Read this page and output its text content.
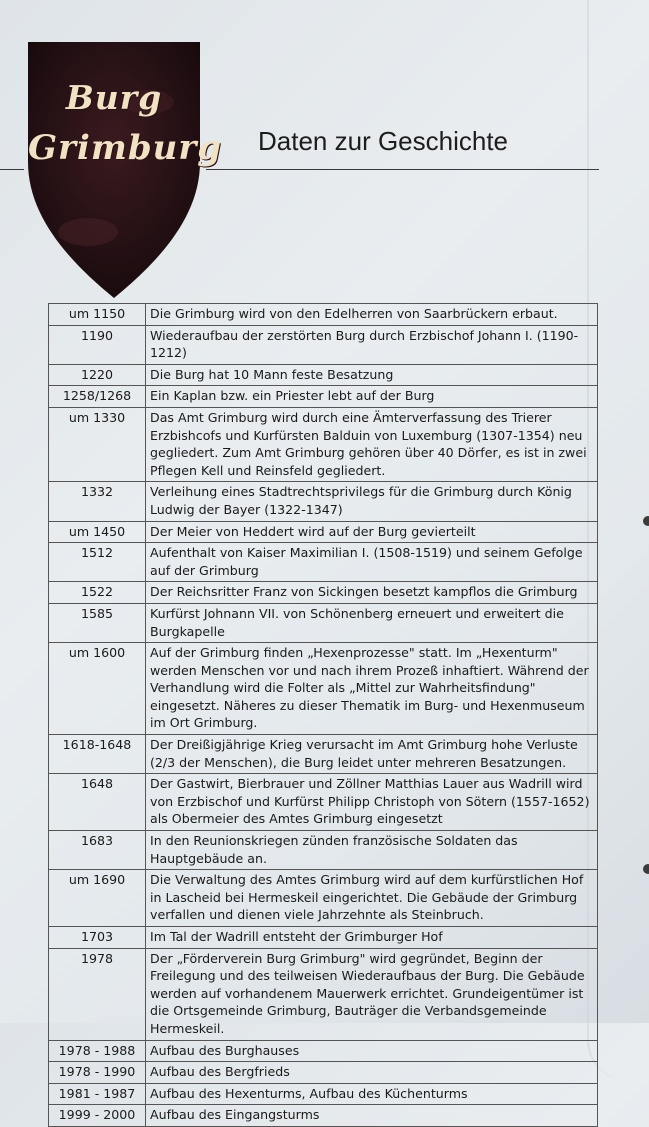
Burg
Grimburg Daten zur Geschichte
um 1150	Die Grimburg wird von den Edelherren von Saarbrückern erbaut.
1190	Wiederaufbau der zerstörten Burg durch Erzbischof Johann I. (1190-1212)
1220	Die Burg hat 10 Mann feste Besatzung
1258/1268	Ein Kaplan bzw. ein Priester lebt auf der Burg
um 1330	Das Amt Grimburg wird durch eine Ämterverfassung des Trierer Erzbishcofs und Kurfürsten Balduin von Luxemburg (1307-1354) neu gegliedert. Zum Amt Grimburg gehören über 40 Dörfer, es ist in zwei Pflegen Kell und Reinsfeld gegliedert.
1332	Verleihung eines Stadtrechtsprivilegs für die Grimburg durch König Ludwig der Bayer (1322-1347)
um 1450	Der Meier von Heddert wird auf der Burg gevierteilt
1512	Aufenthalt von Kaiser Maximilian I. (1508-1519) und seinem Gefolge auf der Grimburg
1522	Der Reichsritter Franz von Sickingen besetzt kampflos die Grimburg
1585	Kurfürst Johnann VII. von Schönenberg erneuert und erweitert die Burgkapelle
um 1600	Auf der Grimburg finden „Hexenprozesse" statt. Im „Hexenturm" werden Menschen vor und nach ihrem Prozeß inhaftiert. Während der Verhandlung wird die Folter als „Mittel zur Wahrheitsfindung" eingesetzt. Näheres zu dieser Thematik im Burg- und Hexenmuseum im Ort Grimburg.
1618-1648	Der Dreißigjährige Krieg verursacht im Amt Grimburg hohe Verluste (2/3 der Menschen), die Burg leidet unter mehreren Besatzungen.
1648	Der Gastwirt, Bierbrauer und Zöllner Matthias Lauer aus Wadrill wird von Erzbischof und Kurfürst Philipp Christoph von Sötern (1557-1652) als Obermeier des Amtes Grimburg eingesetzt
1683	In den Reunionskriegen zünden französische Soldaten das Hauptgebäude an.
um 1690	Die Verwaltung des Amtes Grimburg wird auf dem kurfürstlichen Hof in Lascheid bei Hermeskeil eingerichtet. Die Gebäude der Grimburg verfallen und dienen viele Jahrzehnte als Steinbruch.
1703	Im Tal der Wadrill entsteht der Grimburger Hof
1978	Der „Förderverein Burg Grimburg" wird gegründet, Beginn der Freilegung und des teilweisen Wiederaufbaus der Burg. Die Gebäude werden auf vorhandenem Mauerwerk errichtet. Grundeigentümer ist die Ortsgemeinde Grimburg, Bauträger die Verbandsgemeinde Hermeskeil.
1978 - 1988	Aufbau des Burghauses
1978 - 1990	Aufbau des Bergfrieds
1981 - 1987	Aufbau des Hexenturms, Aufbau des Küchenturms
1999 - 2000	Aufbau des Eingangsturms
